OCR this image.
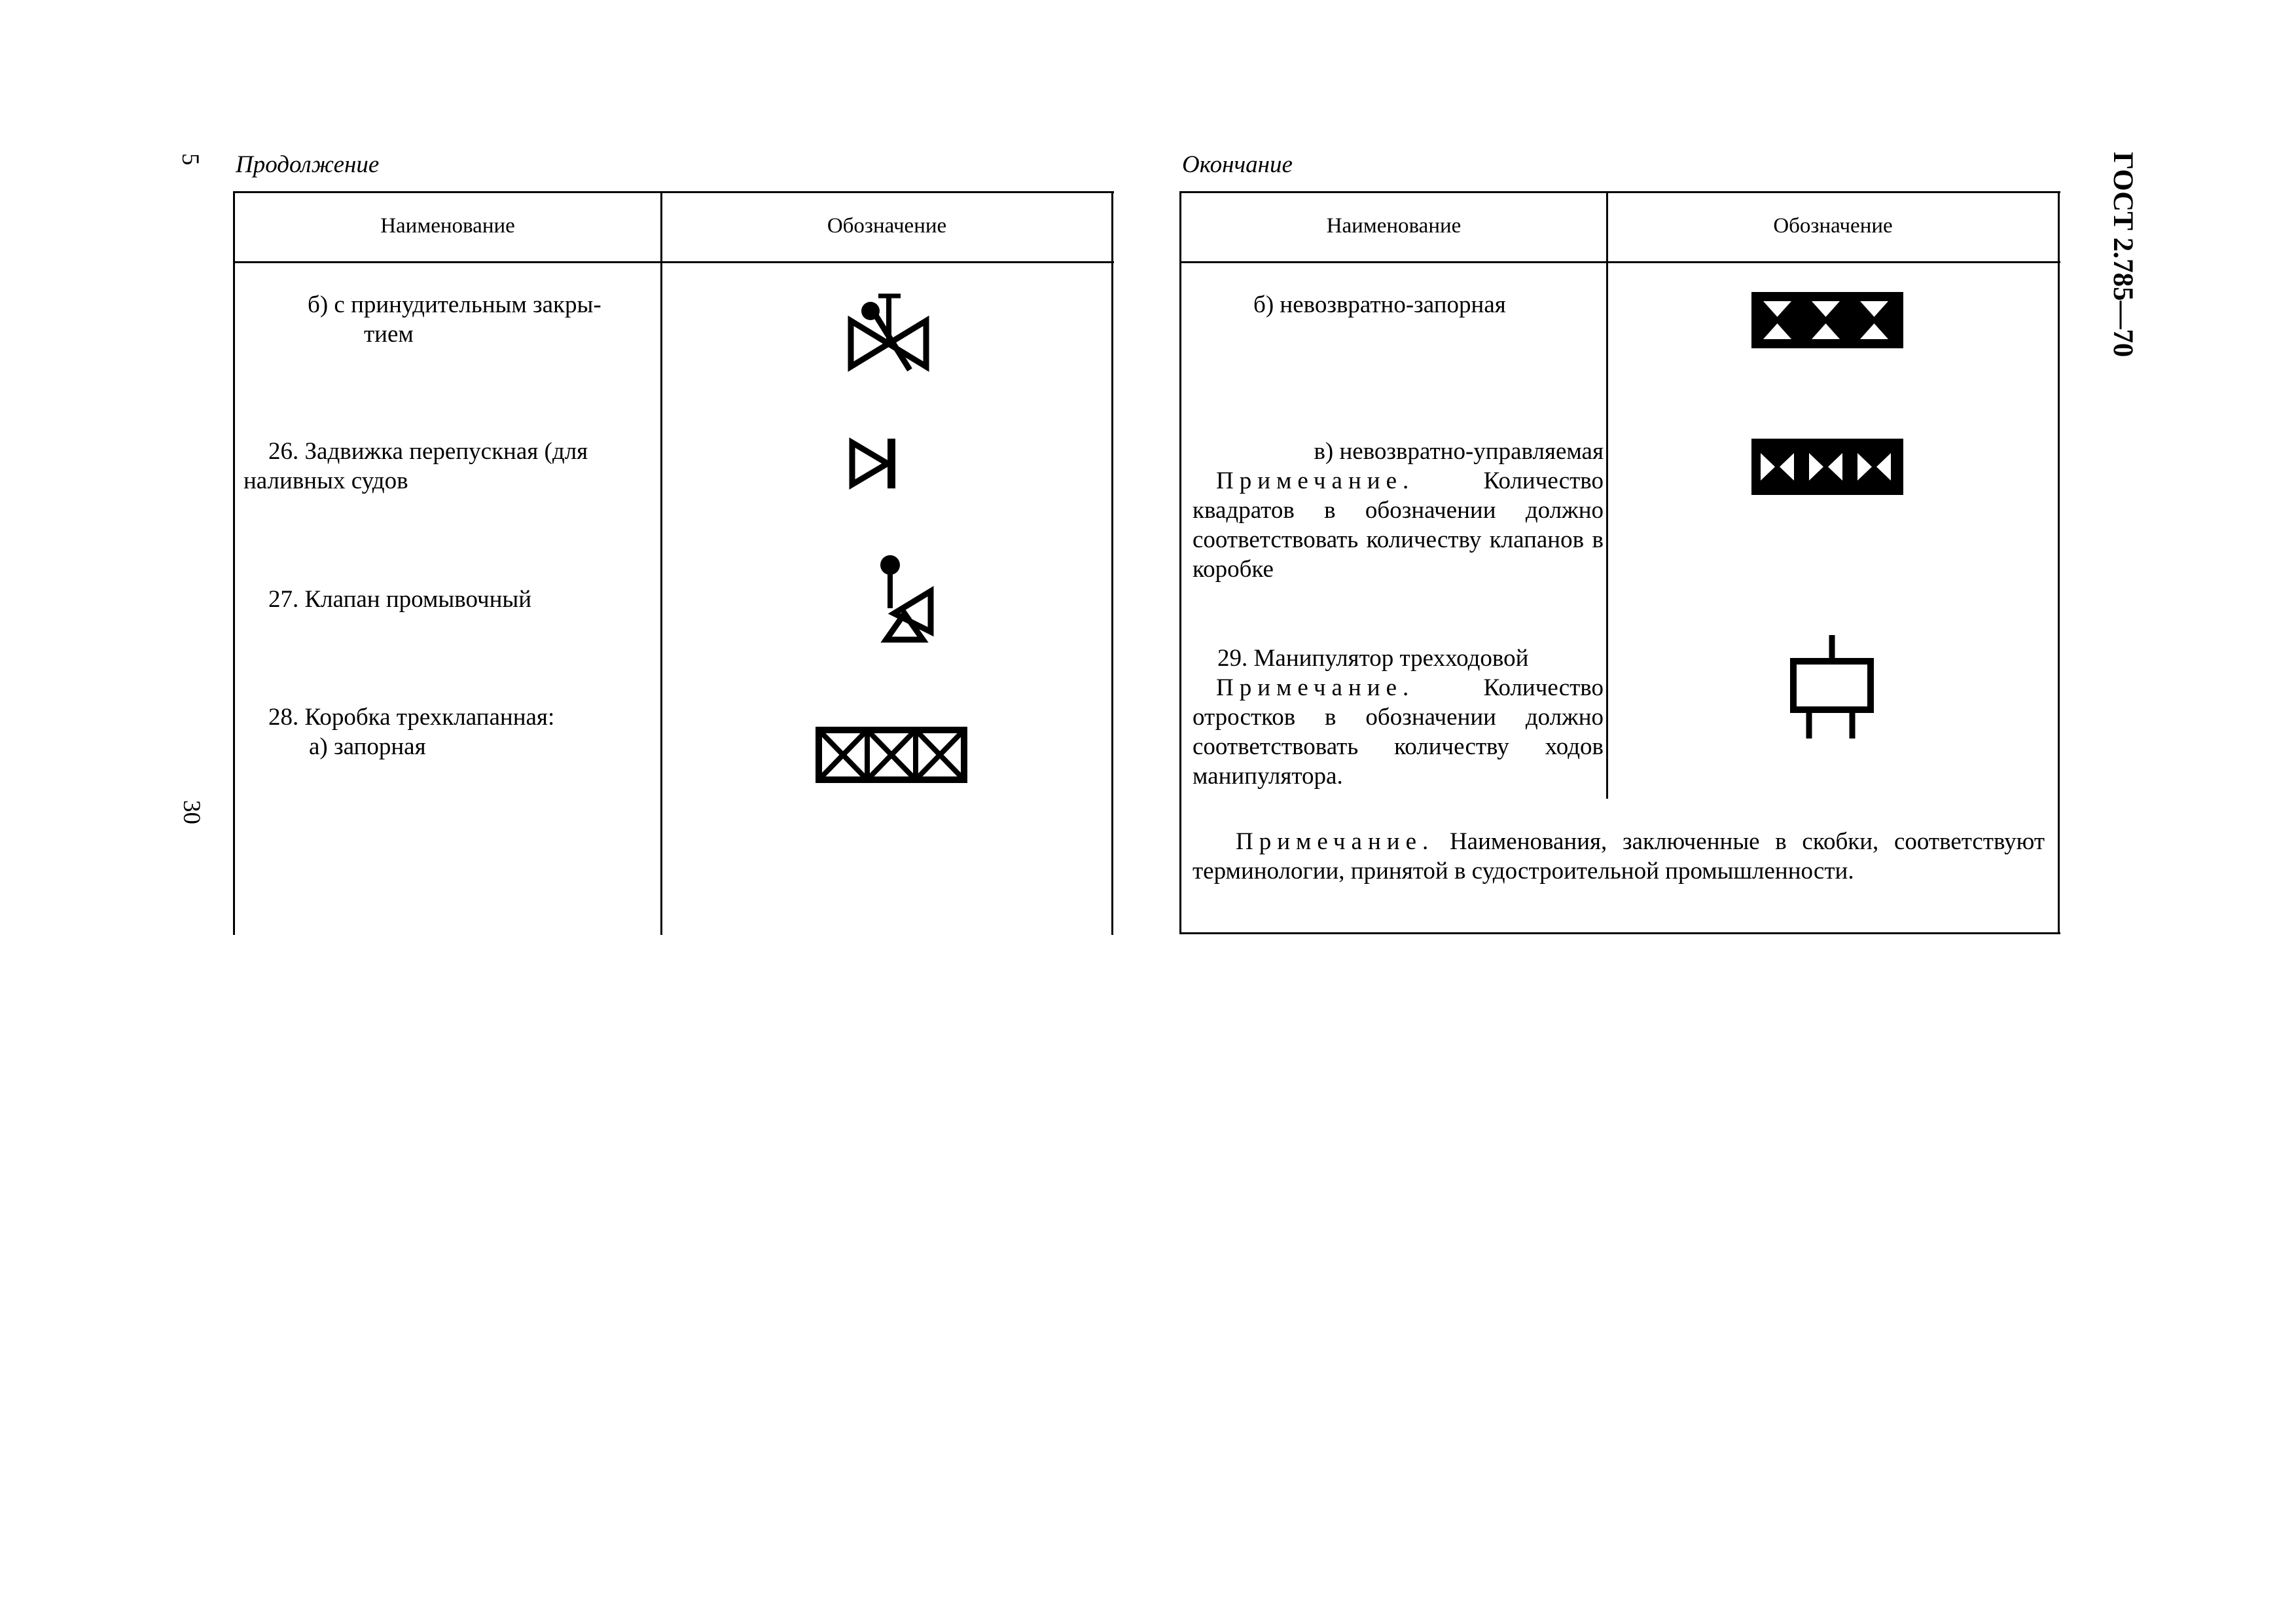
5
30
ГОСТ 2.785—70
Продолжение
Наименование	Обозначение
б) с принудительным закры-
тием
26. Задвижка перепускная (для
наливных судов
27. Клапан промывочный
28. Коробка трехклапанная:
а) запорная
Окончание
Наименование	Обозначение
б) невозвратно-запорная
в) невозвратно-управляемая
Примечание.	Количество квадратов в обозначении должно соответствовать количеству клапанов в коробке
29. Манипулятор трехходовой
Примечание.	Количество отростков в обозначении должно соответствовать количеству ходов манипулятора.
Примечание. Наименования, заключенные в скобки, соответствуют терминологии, принятой в судостроительной промышленности.
